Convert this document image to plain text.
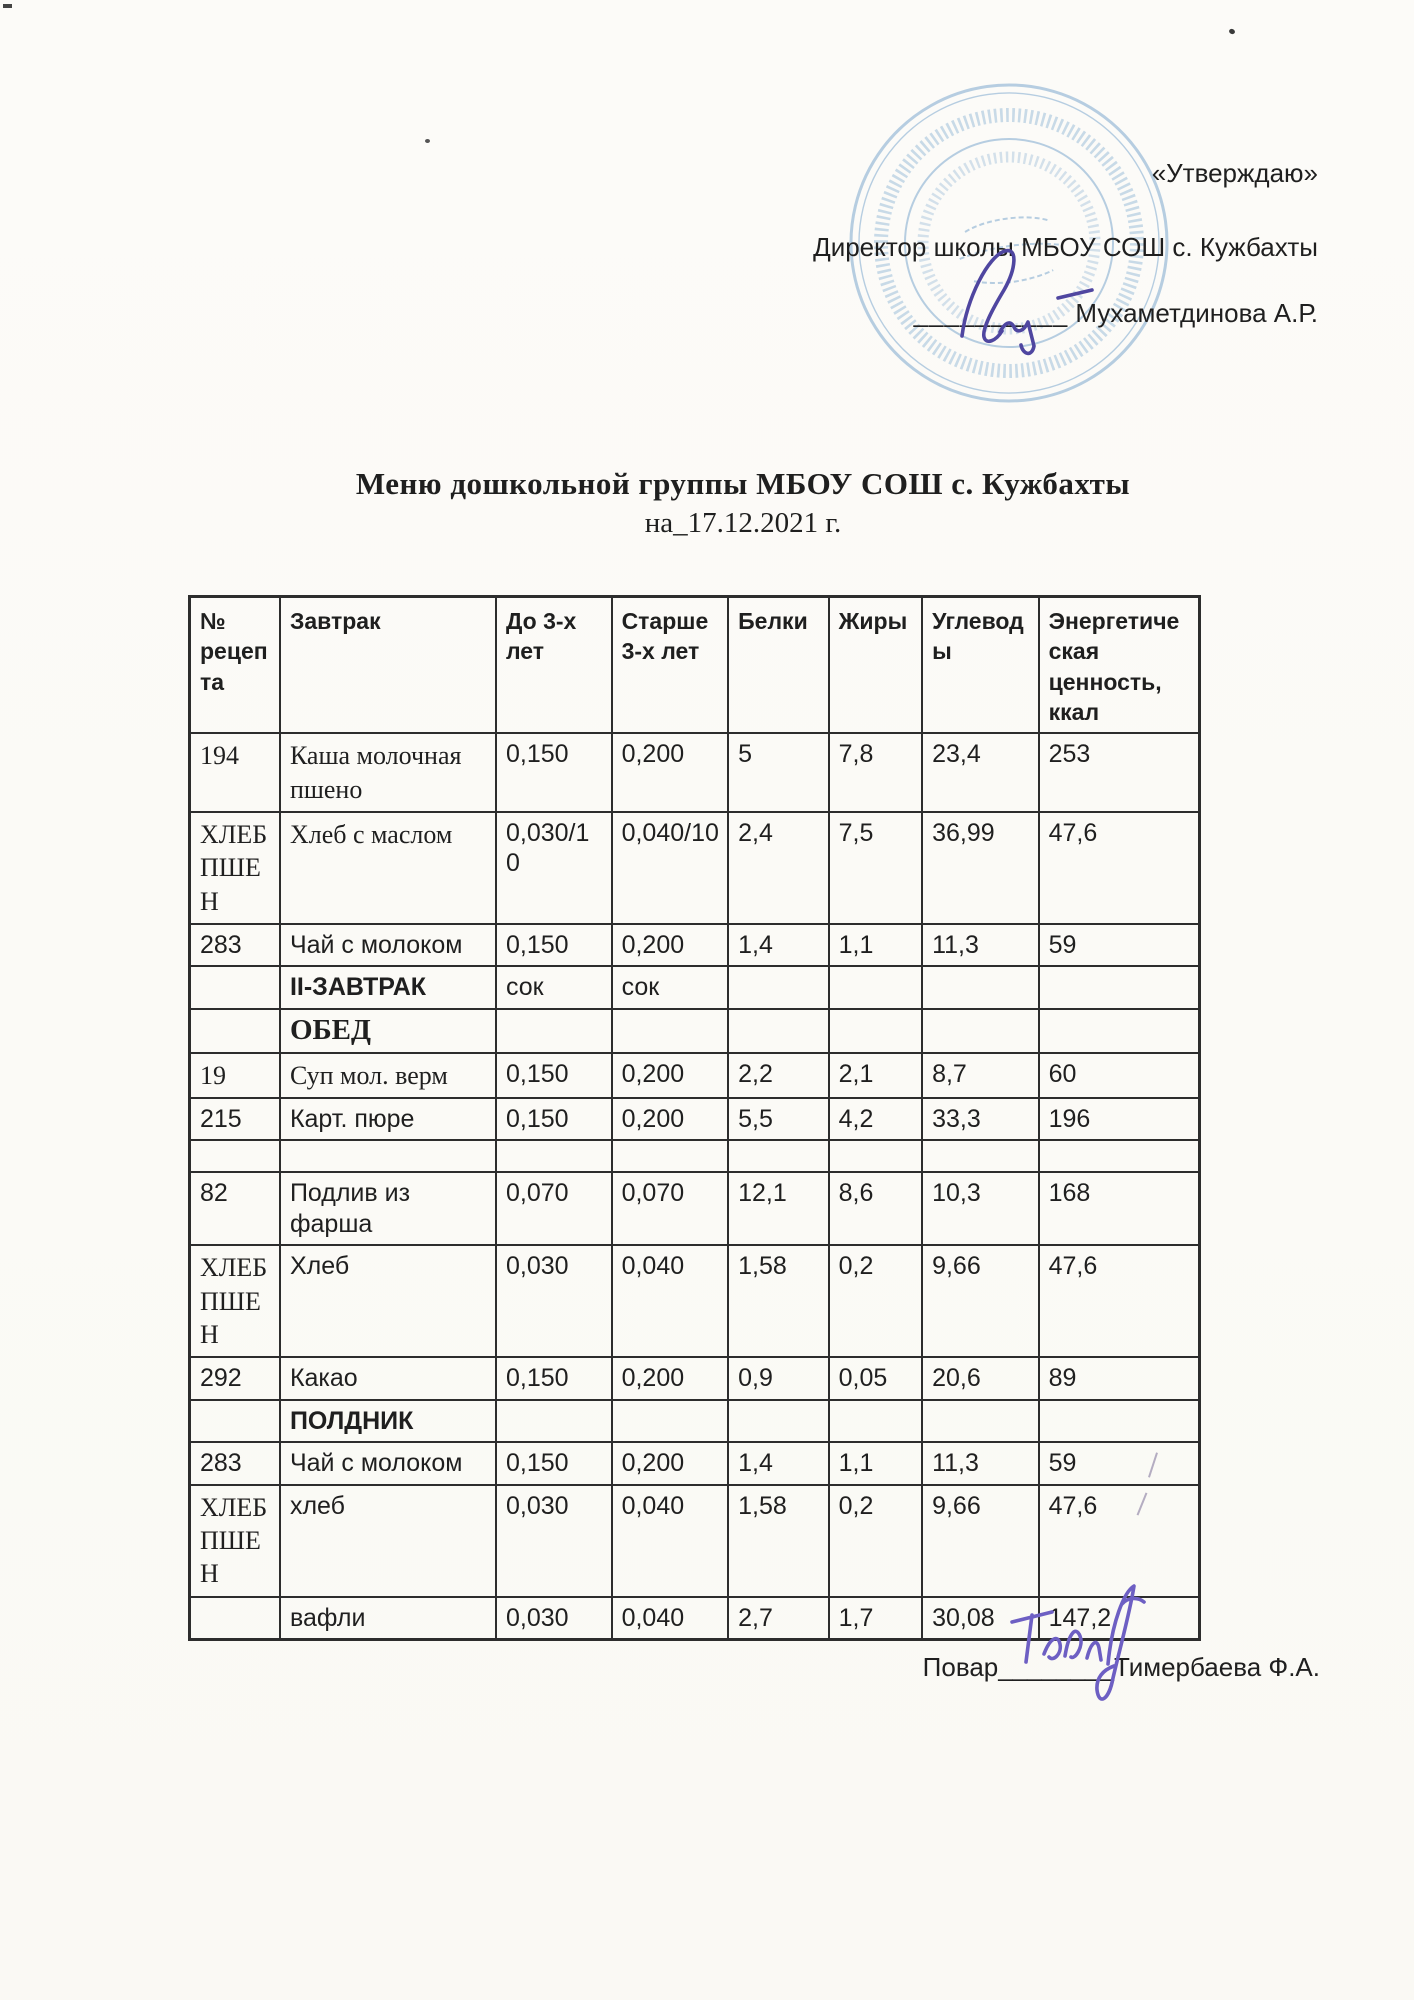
«Утверждаю»
Директор школы МБОУ СОШ с. Кужбахты
__________ Мухаметдинова А.Р.
Меню дошкольной группы МБОУ СОШ с. Кужбахты
на_17.12.2021 г.
№ рецепта	Завтрак	До 3-х лет	Старше 3-х лет	Белки	Жиры	Углеводы	Энергетическая ценность, ккал
194	Каша молочная пшено	0,150	0,200	5	7,8	23,4	253
ХЛЕБ ПШЕН	Хлеб с маслом	0,030/10	0,040/10	2,4	7,5	36,99	47,6
283	Чай с молоком	0,150	0,200	1,4	1,1	11,3	59
	II-ЗАВТРАК	сок	сок				
	ОБЕД						
19	Суп мол. верм	0,150	0,200	2,2	2,1	8,7	60
215	Карт. пюре	0,150	0,200	5,5	4,2	33,3	196

82	Подлив из фарша	0,070	0,070	12,1	8,6	10,3	168
ХЛЕБ ПШЕН	Хлеб	0,030	0,040	1,58	0,2	9,66	47,6
292	Какао	0,150	0,200	0,9	0,05	20,6	89
	ПОЛДНИК						
283	Чай с молоком	0,150	0,200	1,4	1,1	11,3	59
ХЛЕБ ПШЕН	хлеб	0,030	0,040	1,58	0,2	9,66	47,6
	вафли	0,030	0,040	2,7	1,7	30,08	147,2
Повар________Тимербаева Ф.А.
